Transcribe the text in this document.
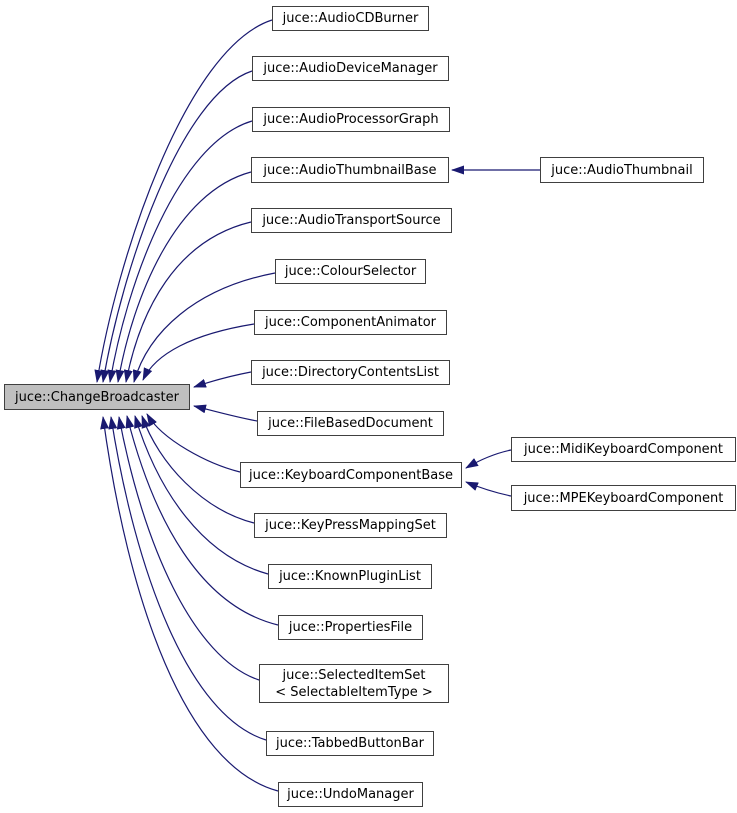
juce::ChangeBroadcaster
juce::AudioCDBurner
juce::AudioDeviceManager
juce::AudioProcessorGraph
juce::AudioThumbnailBase	juce::AudioThumbnail
juce::AudioTransportSource
juce::ColourSelector
juce::ComponentAnimator
juce::DirectoryContentsList
juce::FileBasedDocument
juce::KeyboardComponentBase
juce::MidiKeyboardComponent
juce::MPEKeyboardComponent
juce::KeyPressMappingSet
juce::KnownPluginList
juce::PropertiesFile
juce::SelectedItemSet
< SelectableItemType >
juce::TabbedButtonBar
juce::UndoManager
